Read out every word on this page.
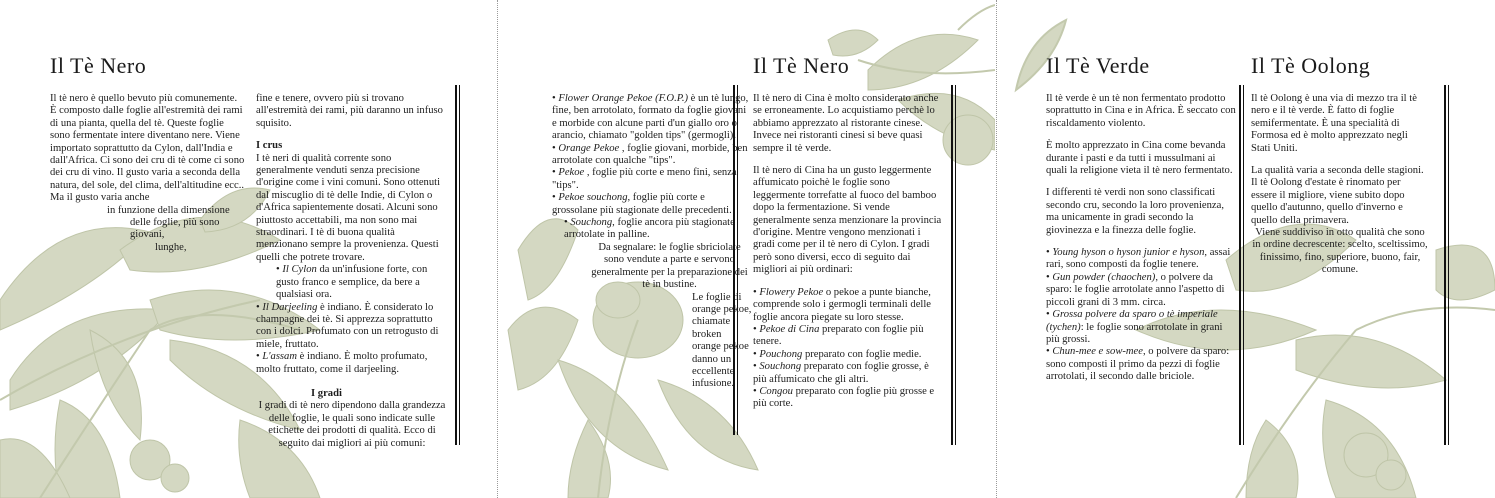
Il Tè Nero

Il tè nero è quello bevuto più comunemente. È composto dalle foglie all'estremità dei rami di una pianta, quella del tè. Queste foglie sono fermentate intere diventano nere. Viene importato soprattutto da Cylon, dall'India e dall'Africa. Ci sono dei cru di tè come ci sono dei cru di vino. Il gusto varia a seconda della natura, del sole, del clima, dell'altitudine ecc.. Ma il gusto varia anche

in funzione della dimensione

delle foglie, più sono giovani,

lunghe,

fine e tenere, ovvero più si trovano all'estremità dei rami, più daranno un infuso squisito.

I crus

I tè neri di qualità corrente sono generalmente venduti senza precisione d'origine come i vini comuni. Sono ottenuti dal miscuglio di tè delle Indie, di Cylon o d'Africa sapientemente dosati. Alcuni sono piuttosto accettabili, ma non sono mai straordinari. I tè di buona qualità menzionano sempre la provenienza. Questi quelli che potrete trovare.

• Il Cylon da un'infusione forte, con gusto franco e semplice, da bere a qualsiasi ora.

• Il Darjeeling è indiano. È considerato lo champagne dei tè. Si apprezza soprattutto con i dolci. Profumato con un retrogusto di miele, fruttato.

• L'assam è indiano. È molto profumato, molto fruttato, come il darjeeling.

I gradi

I gradi di tè nero dipendono dalla grandezza delle foglie, le quali sono indicate sulle etichette dei prodotti di qualità. Ecco di seguito dai migliori ai più comuni:

• Flower Orange Pekoe (F.O.P.) è un tè lungo, fine, ben arrotolato, formato da foglie giovani e morbide con alcune parti d'un giallo oro o arancio, chiamato "golden tips" (germogli).

• Orange Pekoe , foglie giovani, morbide, ben arrotolate con qualche "tips".

• Pekoe , foglie più corte e meno fini, senza "tips".

• Pekoe souchong, foglie più corte e grossolane più stagionate delle precedenti.

• Souchong, foglie ancora più stagionate arrotolate in palline.

Da segnalare: le foglie sbriciolate sono vendute a parte e servono generalmente per la preparazione dei tè in bustine.

Le foglie di orange pekoe, chiamate broken orange pekoe danno un eccellente infusione.

Il Tè Nero

Il tè nero di Cina è molto considerato anche se erroneamente. Lo acquistiamo perchè lo abbiamo apprezzato al ristorante cinese. Invece nei ristoranti cinesi si beve quasi sempre il tè verde.

Il tè nero di Cina ha un gusto leggermente affumicato poichè le foglie sono leggermente torrefatte al fuoco del bamboo dopo la fermentazione. Si vende generalmente senza menzionare la provincia d'origine. Mentre vengono menzionati i gradi come per il tè nero di Cylon. I gradi però sono diversi, ecco di seguito dai migliori ai più ordinari:

• Flowery Pekoe o pekoe a punte bianche, comprende solo i germogli terminali delle foglie ancora piegate su loro stesse.

• Pekoe di Cina preparato con foglie più tenere.

• Pouchong preparato con foglie medie.

• Souchong preparato con foglie grosse, è più affumicato che gli altri.

• Congou preparato con foglie più grosse e più corte.

Il Tè Verde

Il tè verde è un tè non fermentato prodotto soprattutto in Cina e in Africa. È seccato con riscaldamento violento.

È molto apprezzato in Cina come bevanda durante i pasti e da tutti i mussulmani ai quali la religione vieta il tè nero fermentato.

I differenti tè verdi non sono classificati secondo cru, secondo la loro provenienza, ma unicamente in gradi secondo la giovinezza e la finezza delle foglie.

• Young hyson o hyson junior e hyson, assai rari, sono composti da foglie tenere.

• Gun powder (chaochen), o polvere da sparo: le foglie arrotolate anno l'aspetto di piccoli grani di 3 mm. circa.

• Grossa polvere da sparo o tè imperiale (tychen): le foglie sono arrotolate in grani più grossi.

• Chun-mee e sow-mee, o polvere da sparo: sono composti il primo da pezzi di foglie arrotolati, il secondo dalle briciole.

Il Tè Oolong

Il tè Oolong è una via di mezzo tra il tè nero e il tè verde. È fatto di foglie semifermentate. È una specialità di Formosa ed è molto apprezzato negli Stati Uniti.

La qualità varia a seconda delle stagioni. Il tè Oolong d'estate è rinomato per essere il migliore, viene subito dopo quello d'autunno, quello d'inverno e quello della primavera.

Viene suddiviso in otto qualità che sono in ordine decrescente: scelto, sceltissimo, finissimo, fino, superiore, buono, fair, comune.
